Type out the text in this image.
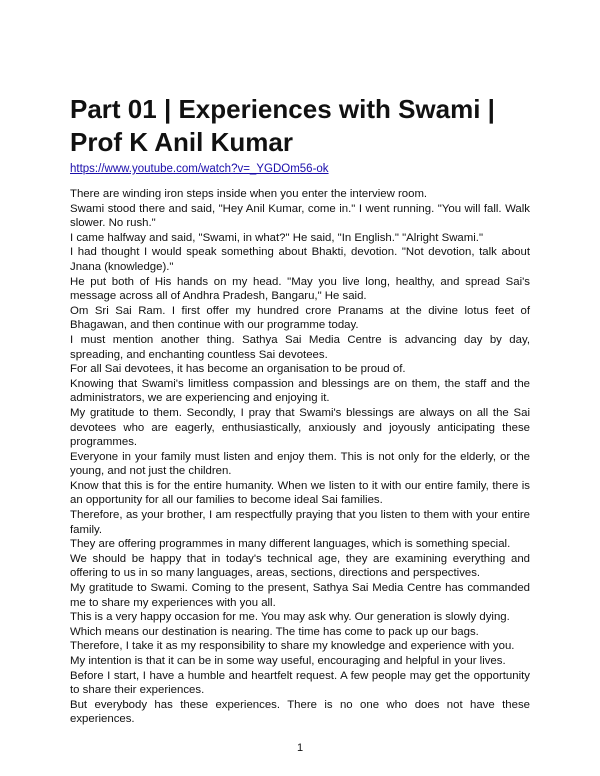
Part 01 | Experiences with Swami | Prof K Anil Kumar
https://www.youtube.com/watch?v=_YGDOm56-ok

There are winding iron steps inside when you enter the interview room.

Swami stood there and said, "Hey Anil Kumar, come in." I went running. "You will fall. Walk slower. No rush."

I came halfway and said, "Swami, in what?" He said, "In English." "Alright Swami."

I had thought I would speak something about Bhakti, devotion. "Not devotion, talk about Jnana (knowledge)."

He put both of His hands on my head. "May you live long, healthy, and spread Sai's message across all of Andhra Pradesh, Bangaru," He said.

Om Sri Sai Ram. I first offer my hundred crore Pranams at the divine lotus feet of Bhagawan, and then continue with our programme today.

I must mention another thing. Sathya Sai Media Centre is advancing day by day, spreading, and enchanting countless Sai devotees.

For all Sai devotees, it has become an organisation to be proud of.

Knowing that Swami's limitless compassion and blessings are on them, the staff and the administrators, we are experiencing and enjoying it.

My gratitude to them. Secondly, I pray that Swami's blessings are always on all the Sai devotees who are eagerly, enthusiastically, anxiously and joyously anticipating these programmes.

Everyone in your family must listen and enjoy them. This is not only for the elderly, or the young, and not just the children.

Know that this is for the entire humanity. When we listen to it with our entire family, there is an opportunity for all our families to become ideal Sai families.

Therefore, as your brother, I am respectfully praying that you listen to them with your entire family.

They are offering programmes in many different languages, which is something special.

We should be happy that in today's technical age, they are examining everything and offering to us in so many languages, areas, sections, directions and perspectives.

My gratitude to Swami. Coming to the present, Sathya Sai Media Centre has commanded me to share my experiences with you all.

This is a very happy occasion for me. You may ask why. Our generation is slowly dying.

Which means our destination is nearing. The time has come to pack up our bags.

Therefore, I take it as my responsibility to share my knowledge and experience with you.

My intention is that it can be in some way useful, encouraging and helpful in your lives.

Before I start, I have a humble and heartfelt request. A few people may get the opportunity to share their experiences.

But everybody has these experiences. There is no one who does not have these experiences.

1
